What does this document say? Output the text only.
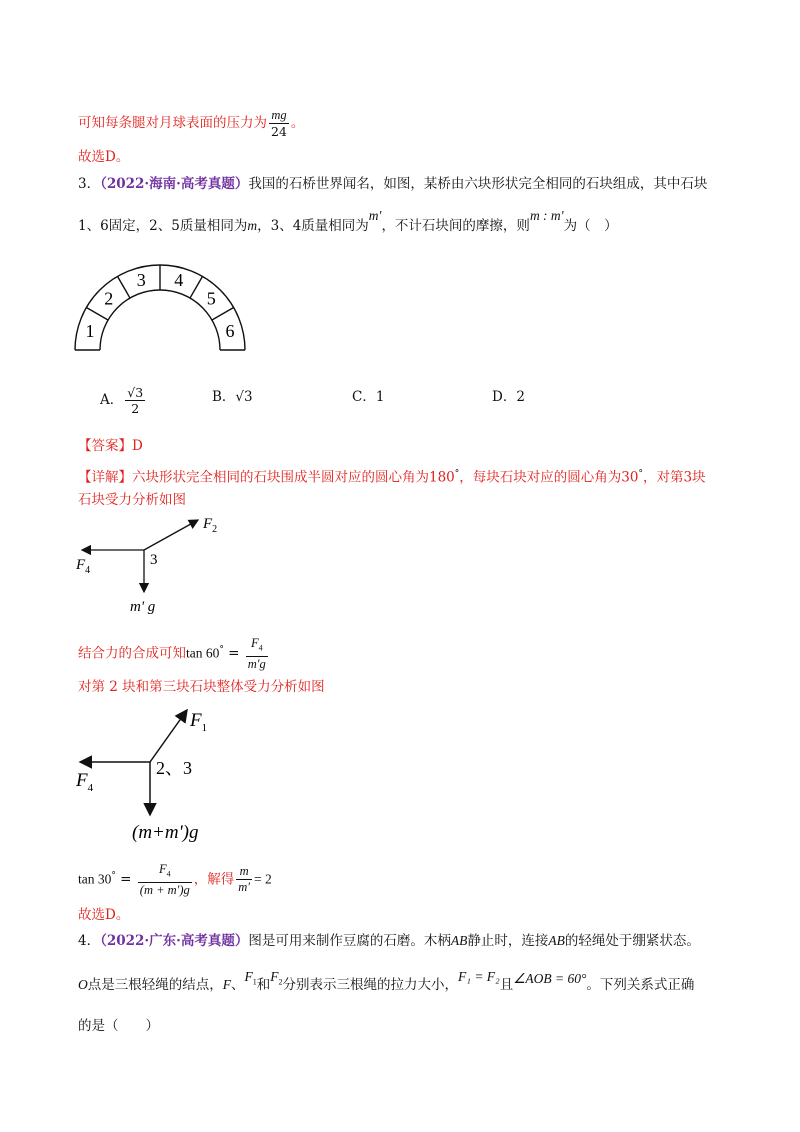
可知每条腿对月球表面的压力为 $\frac{mg}{24}$ 。
故选D。
3．（2022·海南·高考真题）我国的石桥世界闻名，如图，某桥由六块形状完全相同的石块组成，其中石块
1、6固定，2、5质量相同为m，3、4质量相同为m'，不计石块间的摩擦，则m : m'为（　）
1
2
3 4
5
6
A． $\frac{√3}{2}$	B．√3	C．1	D．2
【答案】D
【详解】六块形状完全相同的石块围成半圆对应的圆心角为180°，每块石块对应的圆心角为30°，对第3块
石块受力分析如图
$F_2$
$F_4$
3
m' g
结合力的合成可知$\tan 60^\circ = \frac{F_4}{m'g}$
对第 2 块和第三块石块整体受力分析如图
$F_1$
$F_4$
2、3
(m+m')g
$\tan 30^\circ = \frac{F_4}{(m + m')g}$ ，解得 $\frac{m}{m'} = 2$
故选D。
4．（2022·广东·高考真题）图是可用来制作豆腐的石磨。木柄AB静止时，连接AB的轻绳处于绷紧状态。
O点是三根轻绳的结点，F、$F_1$和$F_2$分别表示三根绳的拉力大小，F₁ = F₂且∠AOB = 60°。下列关系式正确
的是（　　）
